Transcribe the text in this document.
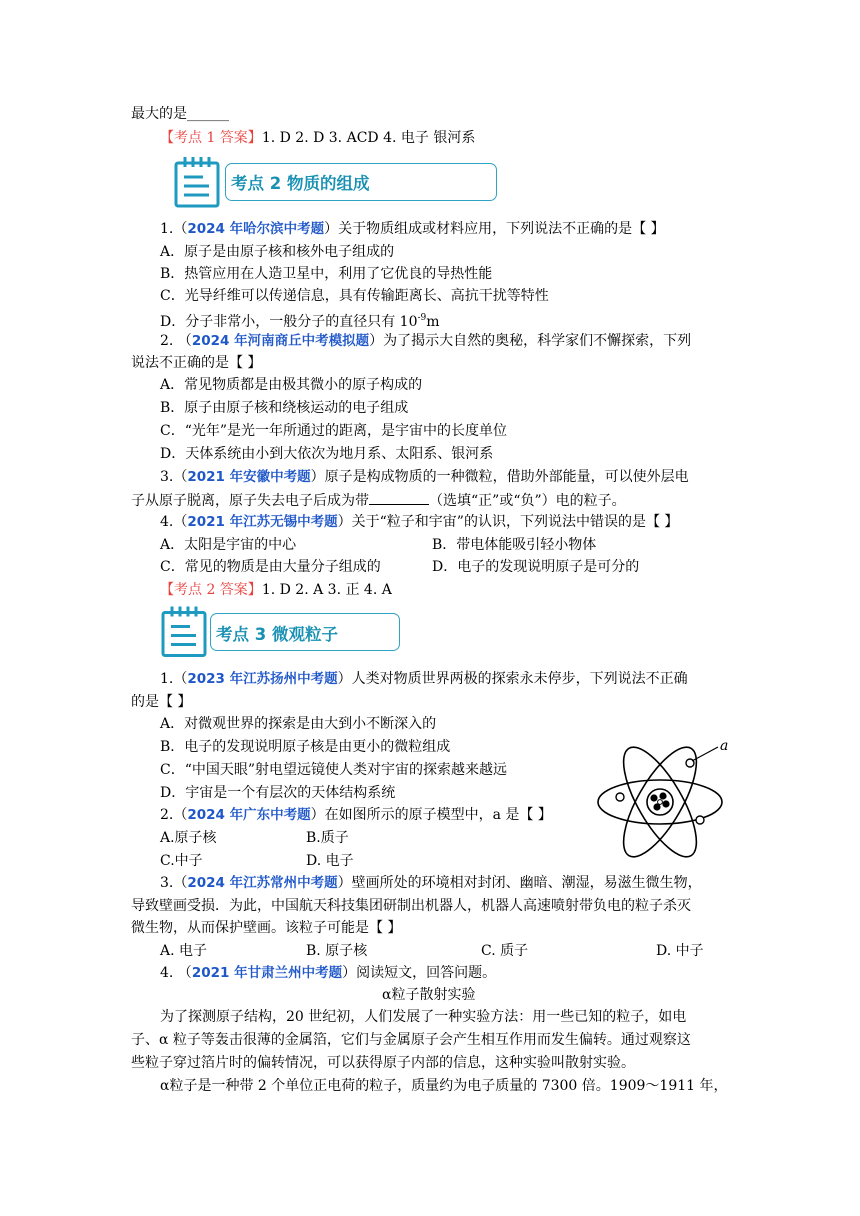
最大的是______
【考点 1 答案】1. D 2. D 3. ACD 4. 电子 银河系
考点 2 物质的组成
1.（2024 年哈尔滨中考题）关于物质组成或材料应用，下列说法不正确的是【 】
A．原子是由原子核和核外电子组成的
B．热管应用在人造卫星中，利用了它优良的导热性能
C．光导纤维可以传递信息，具有传输距离长、高抗干扰等特性
D．分子非常小，一般分子的直径只有 $10^{-9}m$
2. （2024 年河南商丘中考模拟题）为了揭示大自然的奥秘，科学家们不懈探索，下列
说法不正确的是【 】
A．常见物质都是由极其微小的原子构成的
B．原子由原子核和绕核运动的电子组成
C．“光年”是光一年所通过的距离，是宇宙中的长度单位
D．天体系统由小到大依次为地月系、太阳系、银河系
3.（2021 年安徽中考题）原子是构成物质的一种微粒，借助外部能量，可以使外层电
子从原子脱离，原子失去电子后成为带	（选填“正”或“负”）电的粒子。
4.（2021 年江苏无锡中考题）关于“粒子和宇宙”的认识，下列说法中错误的是【 】
A．太阳是宇宙的中心	B．带电体能吸引轻小物体
C．常见的物质是由大量分子组成的	D．电子的发现说明原子是可分的
【考点 2 答案】1. D 2. A 3. 正 4. A
考点 3 微观粒子
1.（2023 年江苏扬州中考题）人类对物质世界两极的探索永未停步，下列说法不正确
的是【 】
A．对微观世界的探索是由大到小不断深入的
B．电子的发现说明原子核是由更小的微粒组成
C．“中国天眼”射电望远镜使人类对宇宙的探索越来越远
D．宇宙是一个有层次的天体结构系统
a
2.（2024 年广东中考题）在如图所示的原子模型中，a 是【 】
A.原子核	B.质子
C.中子	D. 电子
3.（2024 年江苏常州中考题）壁画所处的环境相对封闭、幽暗、潮湿，易滋生微生物，
导致壁画受损．为此，中国航天科技集团研制出机器人，机器人高速喷射带负电的粒子杀灭
微生物，从而保护壁画。该粒子可能是【 】
A. 电子	B. 原子核	C. 质子	D. 中子
4. （2021 年甘肃兰州中考题）阅读短文，回答问题。
α粒子散射实验
为了探测原子结构，20 世纪初，人们发展了一种实验方法：用一些已知的粒子，如电
子、α 粒子等轰击很薄的金属箔，它们与金属原子会产生相互作用而发生偏转。通过观察这
些粒子穿过箔片时的偏转情况，可以获得原子内部的信息，这种实验叫散射实验。
α粒子是一种带 2 个单位正电荷的粒子，质量约为电子质量的 7300 倍。1909～1911 年，
